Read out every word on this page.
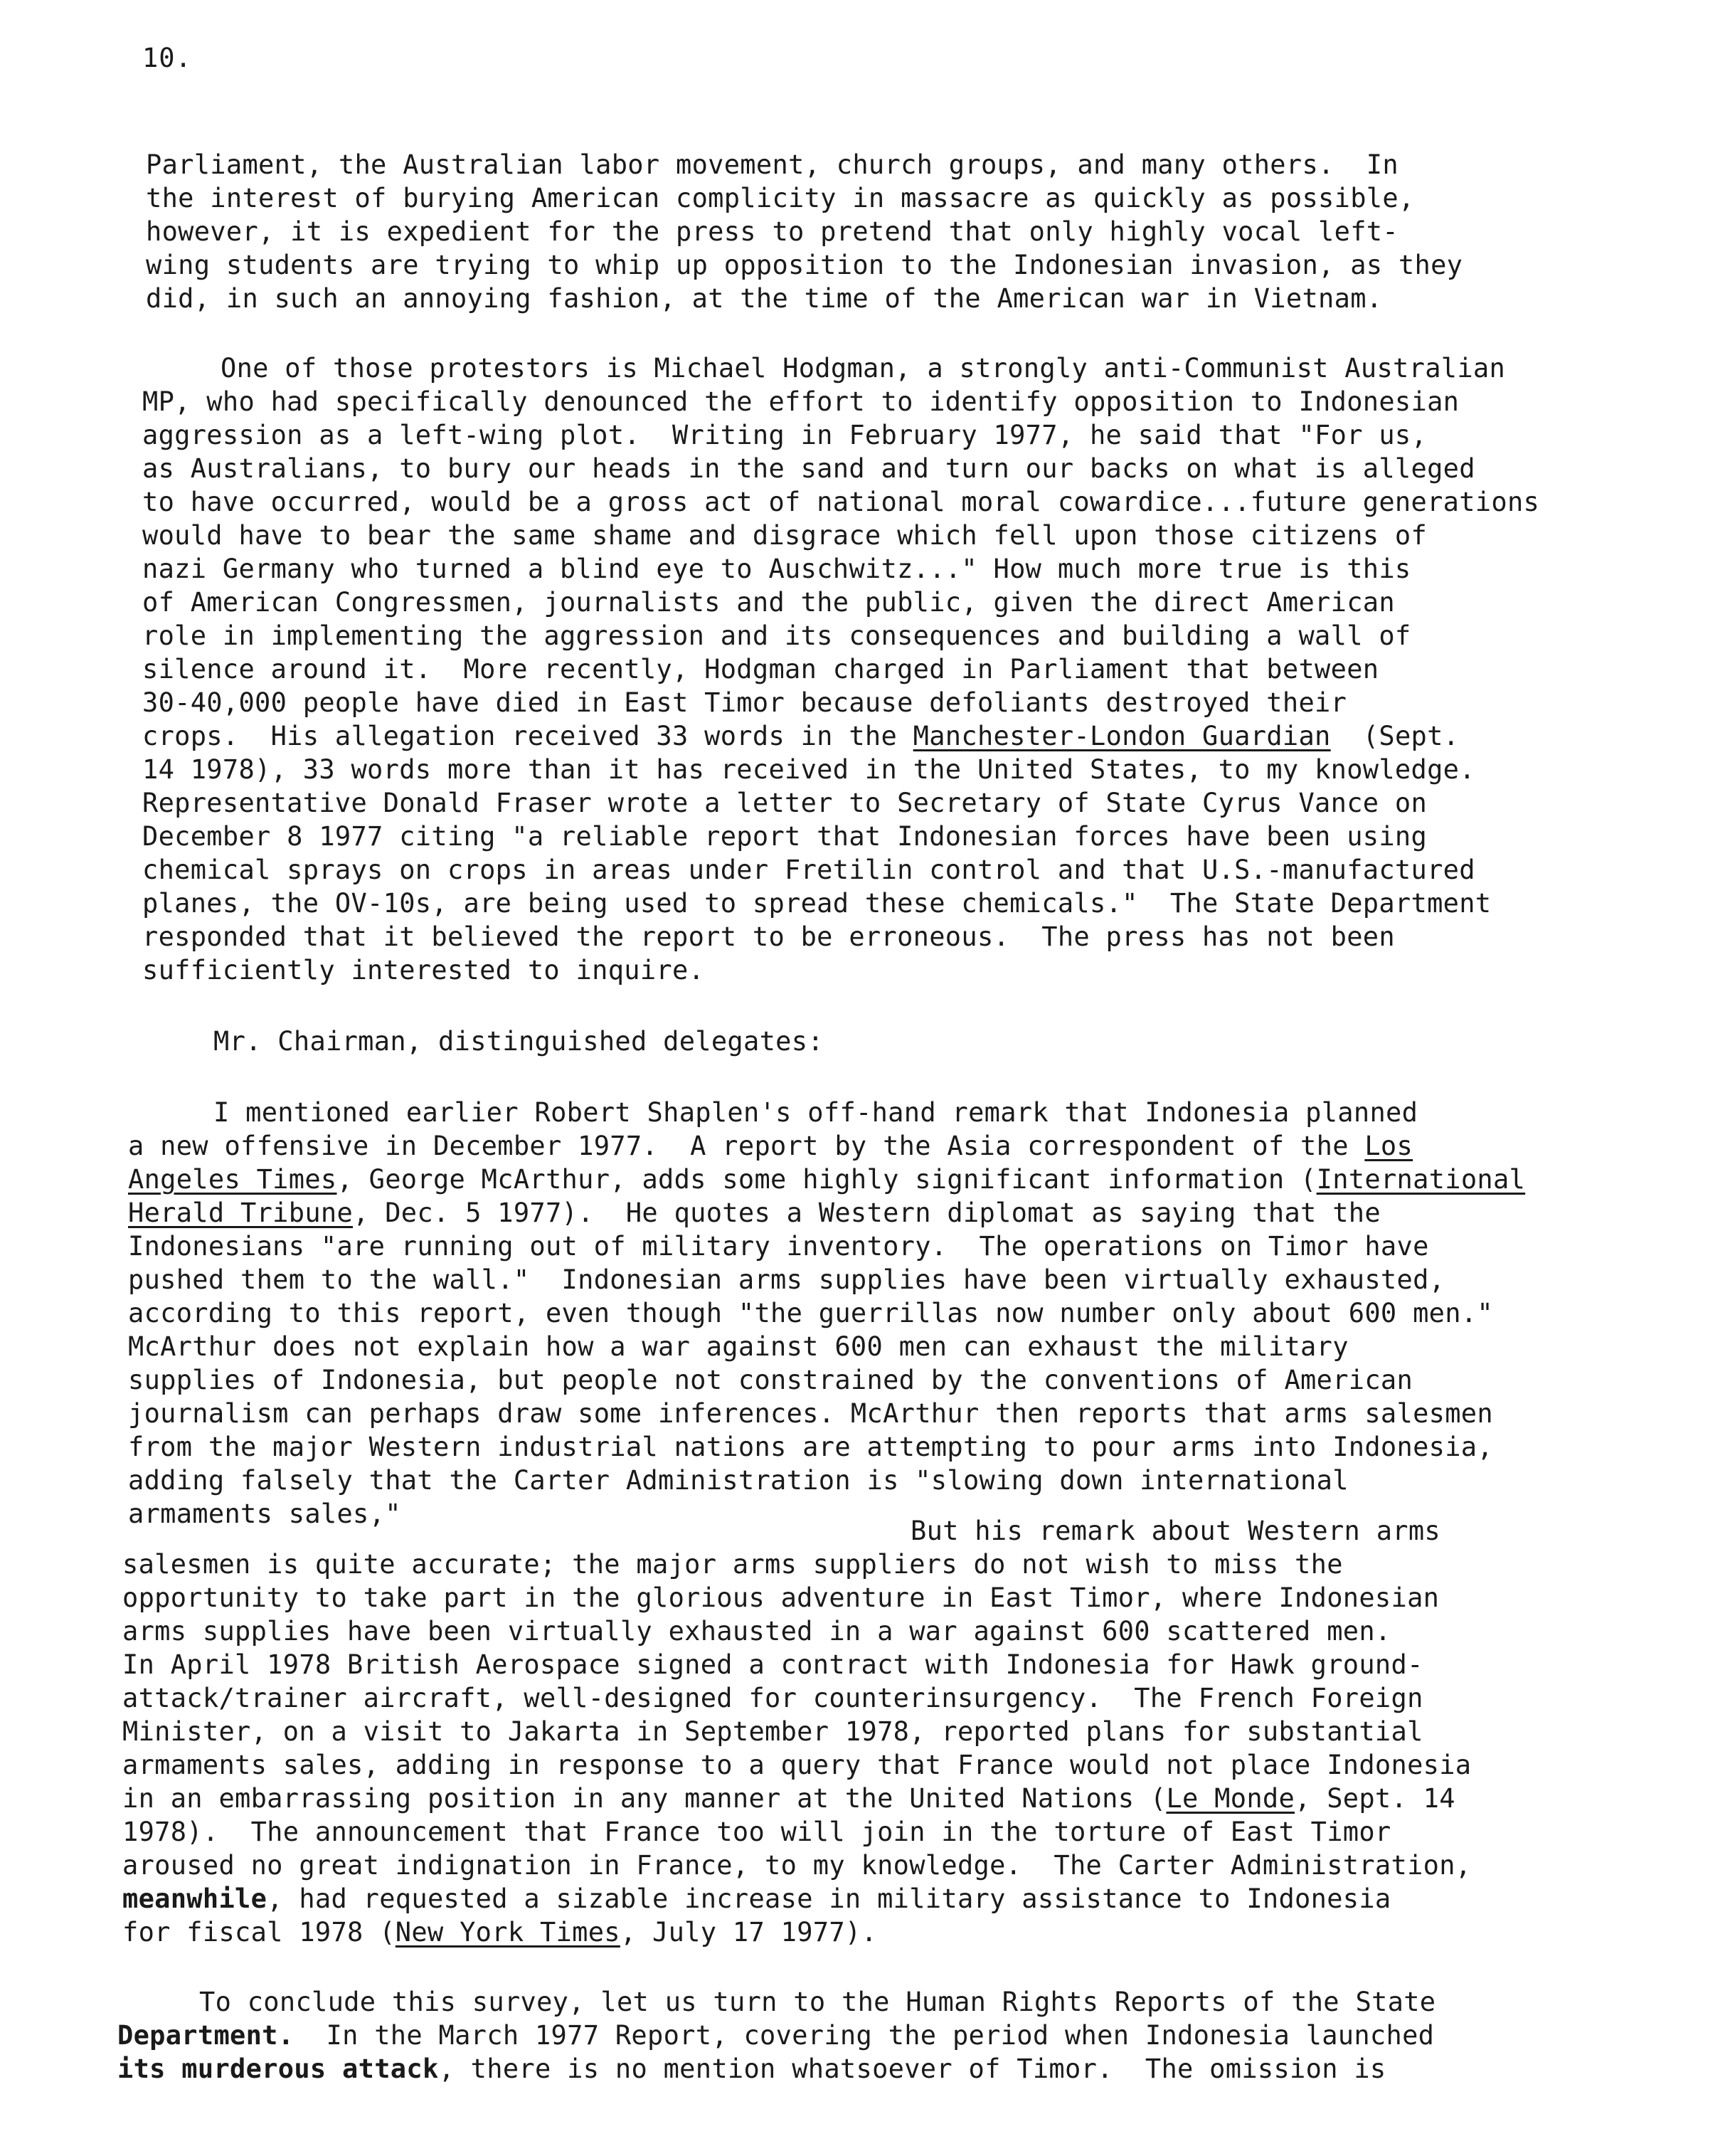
10.
Parliament, the Australian labor movement, church groups, and many others.  In
the interest of burying American complicity in massacre as quickly as possible,
however, it is expedient for the press to pretend that only highly vocal left-
wing students are trying to whip up opposition to the Indonesian invasion, as they
did, in such an annoying fashion, at the time of the American war in Vietnam.
One of those protestors is Michael Hodgman, a strongly anti-Communist Australian
MP, who had specifically denounced the effort to identify opposition to Indonesian
aggression as a left-wing plot.  Writing in February 1977, he said that "For us,
as Australians, to bury our heads in the sand and turn our backs on what is alleged
to have occurred, would be a gross act of national moral cowardice...future generations
would have to bear the same shame and disgrace which fell upon those citizens of
nazi Germany who turned a blind eye to Auschwitz..." How much more true is this
of American Congressmen, journalists and the public, given the direct American
role in implementing the aggression and its consequences and building a wall of
silence around it.  More recently, Hodgman charged in Parliament that between
30-40,000 people have died in East Timor because defoliants destroyed their
crops.  His allegation received 33 words in the Manchester-London Guardian  (Sept.
14 1978), 33 words more than it has received in the United States, to my knowledge.
Representative Donald Fraser wrote a letter to Secretary of State Cyrus Vance on
December 8 1977 citing "a reliable report that Indonesian forces have been using
chemical sprays on crops in areas under Fretilin control and that U.S.-manufactured
planes, the OV-10s, are being used to spread these chemicals."  The State Department
responded that it believed the report to be erroneous.  The press has not been
sufficiently interested to inquire.
Mr. Chairman, distinguished delegates:
I mentioned earlier Robert Shaplen's off-hand remark that Indonesia planned
a new offensive in December 1977.  A report by the Asia correspondent of the Los
Angeles Times, George McArthur, adds some highly significant information (International
Herald Tribune, Dec. 5 1977).  He quotes a Western diplomat as saying that the
Indonesians "are running out of military inventory.  The operations on Timor have
pushed them to the wall."  Indonesian arms supplies have been virtually exhausted,
according to this report, even though "the guerrillas now number only about 600 men."
McArthur does not explain how a war against 600 men can exhaust the military
supplies of Indonesia, but people not constrained by the conventions of American
journalism can perhaps draw some inferences. McArthur then reports that arms salesmen
from the major Western industrial nations are attempting to pour arms into Indonesia,
adding falsely that the Carter Administration is "slowing down international
armaments sales,"
But his remark about Western arms
salesmen is quite accurate; the major arms suppliers do not wish to miss the
opportunity to take part in the glorious adventure in East Timor, where Indonesian
arms supplies have been virtually exhausted in a war against 600 scattered men.
In April 1978 British Aerospace signed a contract with Indonesia for Hawk ground-
attack/trainer aircraft, well-designed for counterinsurgency.  The French Foreign
Minister, on a visit to Jakarta in September 1978, reported plans for substantial
armaments sales, adding in response to a query that France would not place Indonesia
in an embarrassing position in any manner at the United Nations (Le Monde, Sept. 14
1978).  The announcement that France too will join in the torture of East Timor
aroused no great indignation in France, to my knowledge.  The Carter Administration,
meanwhile, had requested a sizable increase in military assistance to Indonesia
for fiscal 1978 (New York Times, July 17 1977).
To conclude this survey, let us turn to the Human Rights Reports of the State
Department.  In the March 1977 Report, covering the period when Indonesia launched
its murderous attack, there is no mention whatsoever of Timor.  The omission is
